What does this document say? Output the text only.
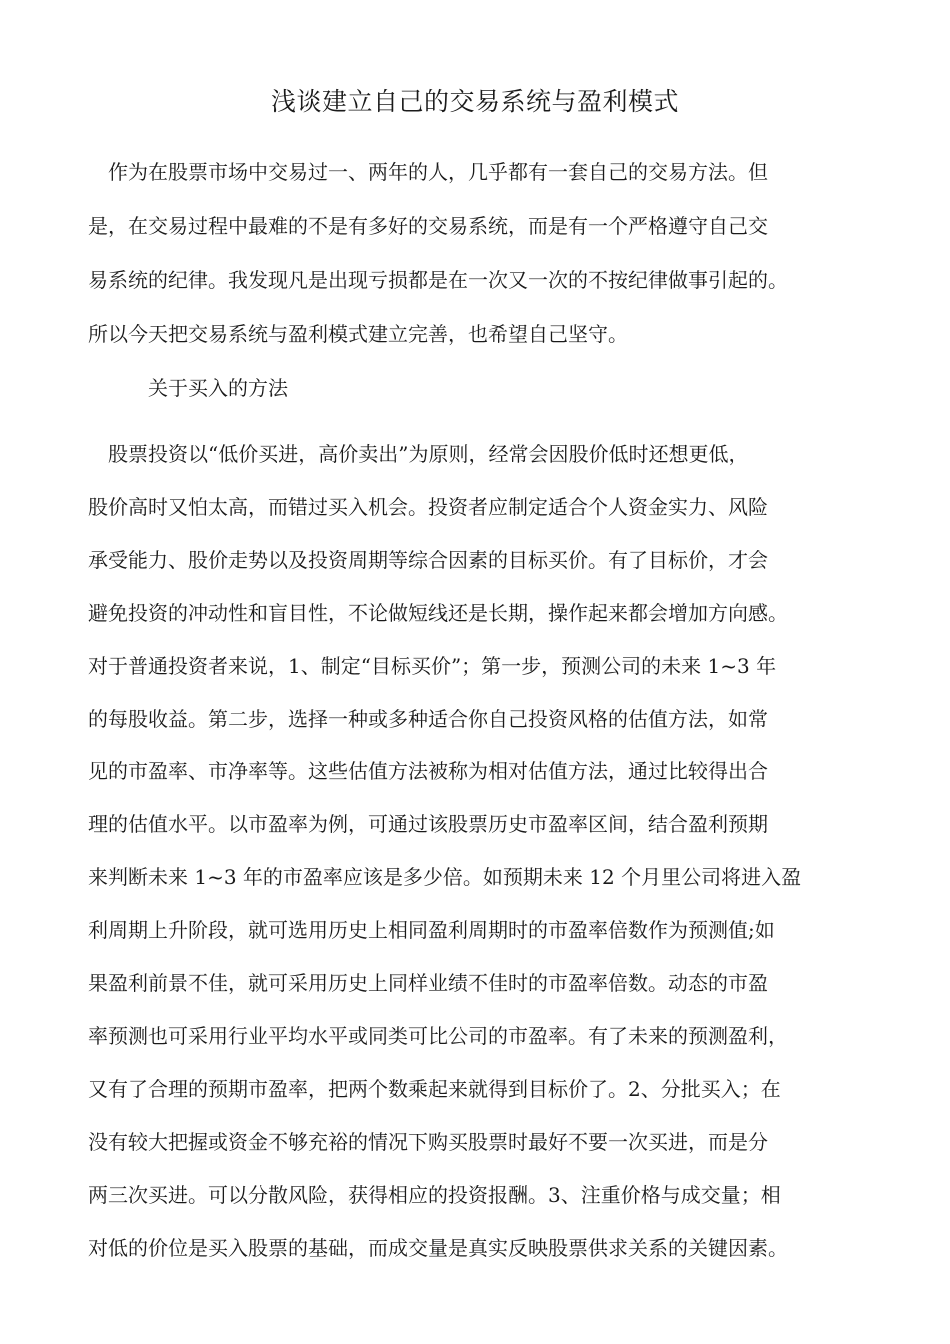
浅谈建立自己的交易系统与盈利模式
　作为在股票市场中交易过一、两年的人，几乎都有一套自己的交易方法。但
是，在交易过程中最难的不是有多好的交易系统，而是有一个严格遵守自己交
易系统的纪律。我发现凡是出现亏损都是在一次又一次的不按纪律做事引起的。
所以今天把交易系统与盈利模式建立完善，也希望自己坚守。
关于买入的方法
　股票投资以“低价买进，高价卖出”为原则，经常会因股价低时还想更低，
股价高时又怕太高，而错过买入机会。投资者应制定适合个人资金实力、风险
承受能力、股价走势以及投资周期等综合因素的目标买价。有了目标价，才会
避免投资的冲动性和盲目性，不论做短线还是长期，操作起来都会增加方向感。
对于普通投资者来说，1、制定“目标买价”；第一步，预测公司的未来 1~3 年
的每股收益。第二步，选择一种或多种适合你自己投资风格的估值方法，如常
见的市盈率、市净率等。这些估值方法被称为相对估值方法，通过比较得出合
理的估值水平。以市盈率为例，可通过该股票历史市盈率区间，结合盈利预期
来判断未来 1~3 年的市盈率应该是多少倍。如预期未来 12 个月里公司将进入盈
利周期上升阶段，就可选用历史上相同盈利周期时的市盈率倍数作为预测值;如
果盈利前景不佳，就可采用历史上同样业绩不佳时的市盈率倍数。动态的市盈
率预测也可采用行业平均水平或同类可比公司的市盈率。有了未来的预测盈利，
又有了合理的预期市盈率，把两个数乘起来就得到目标价了。2、分批买入；在
没有较大把握或资金不够充裕的情况下购买股票时最好不要一次买进，而是分
两三次买进。可以分散风险，获得相应的投资报酬。3、注重价格与成交量；相
对低的价位是买入股票的基础，而成交量是真实反映股票供求关系的关键因素。
